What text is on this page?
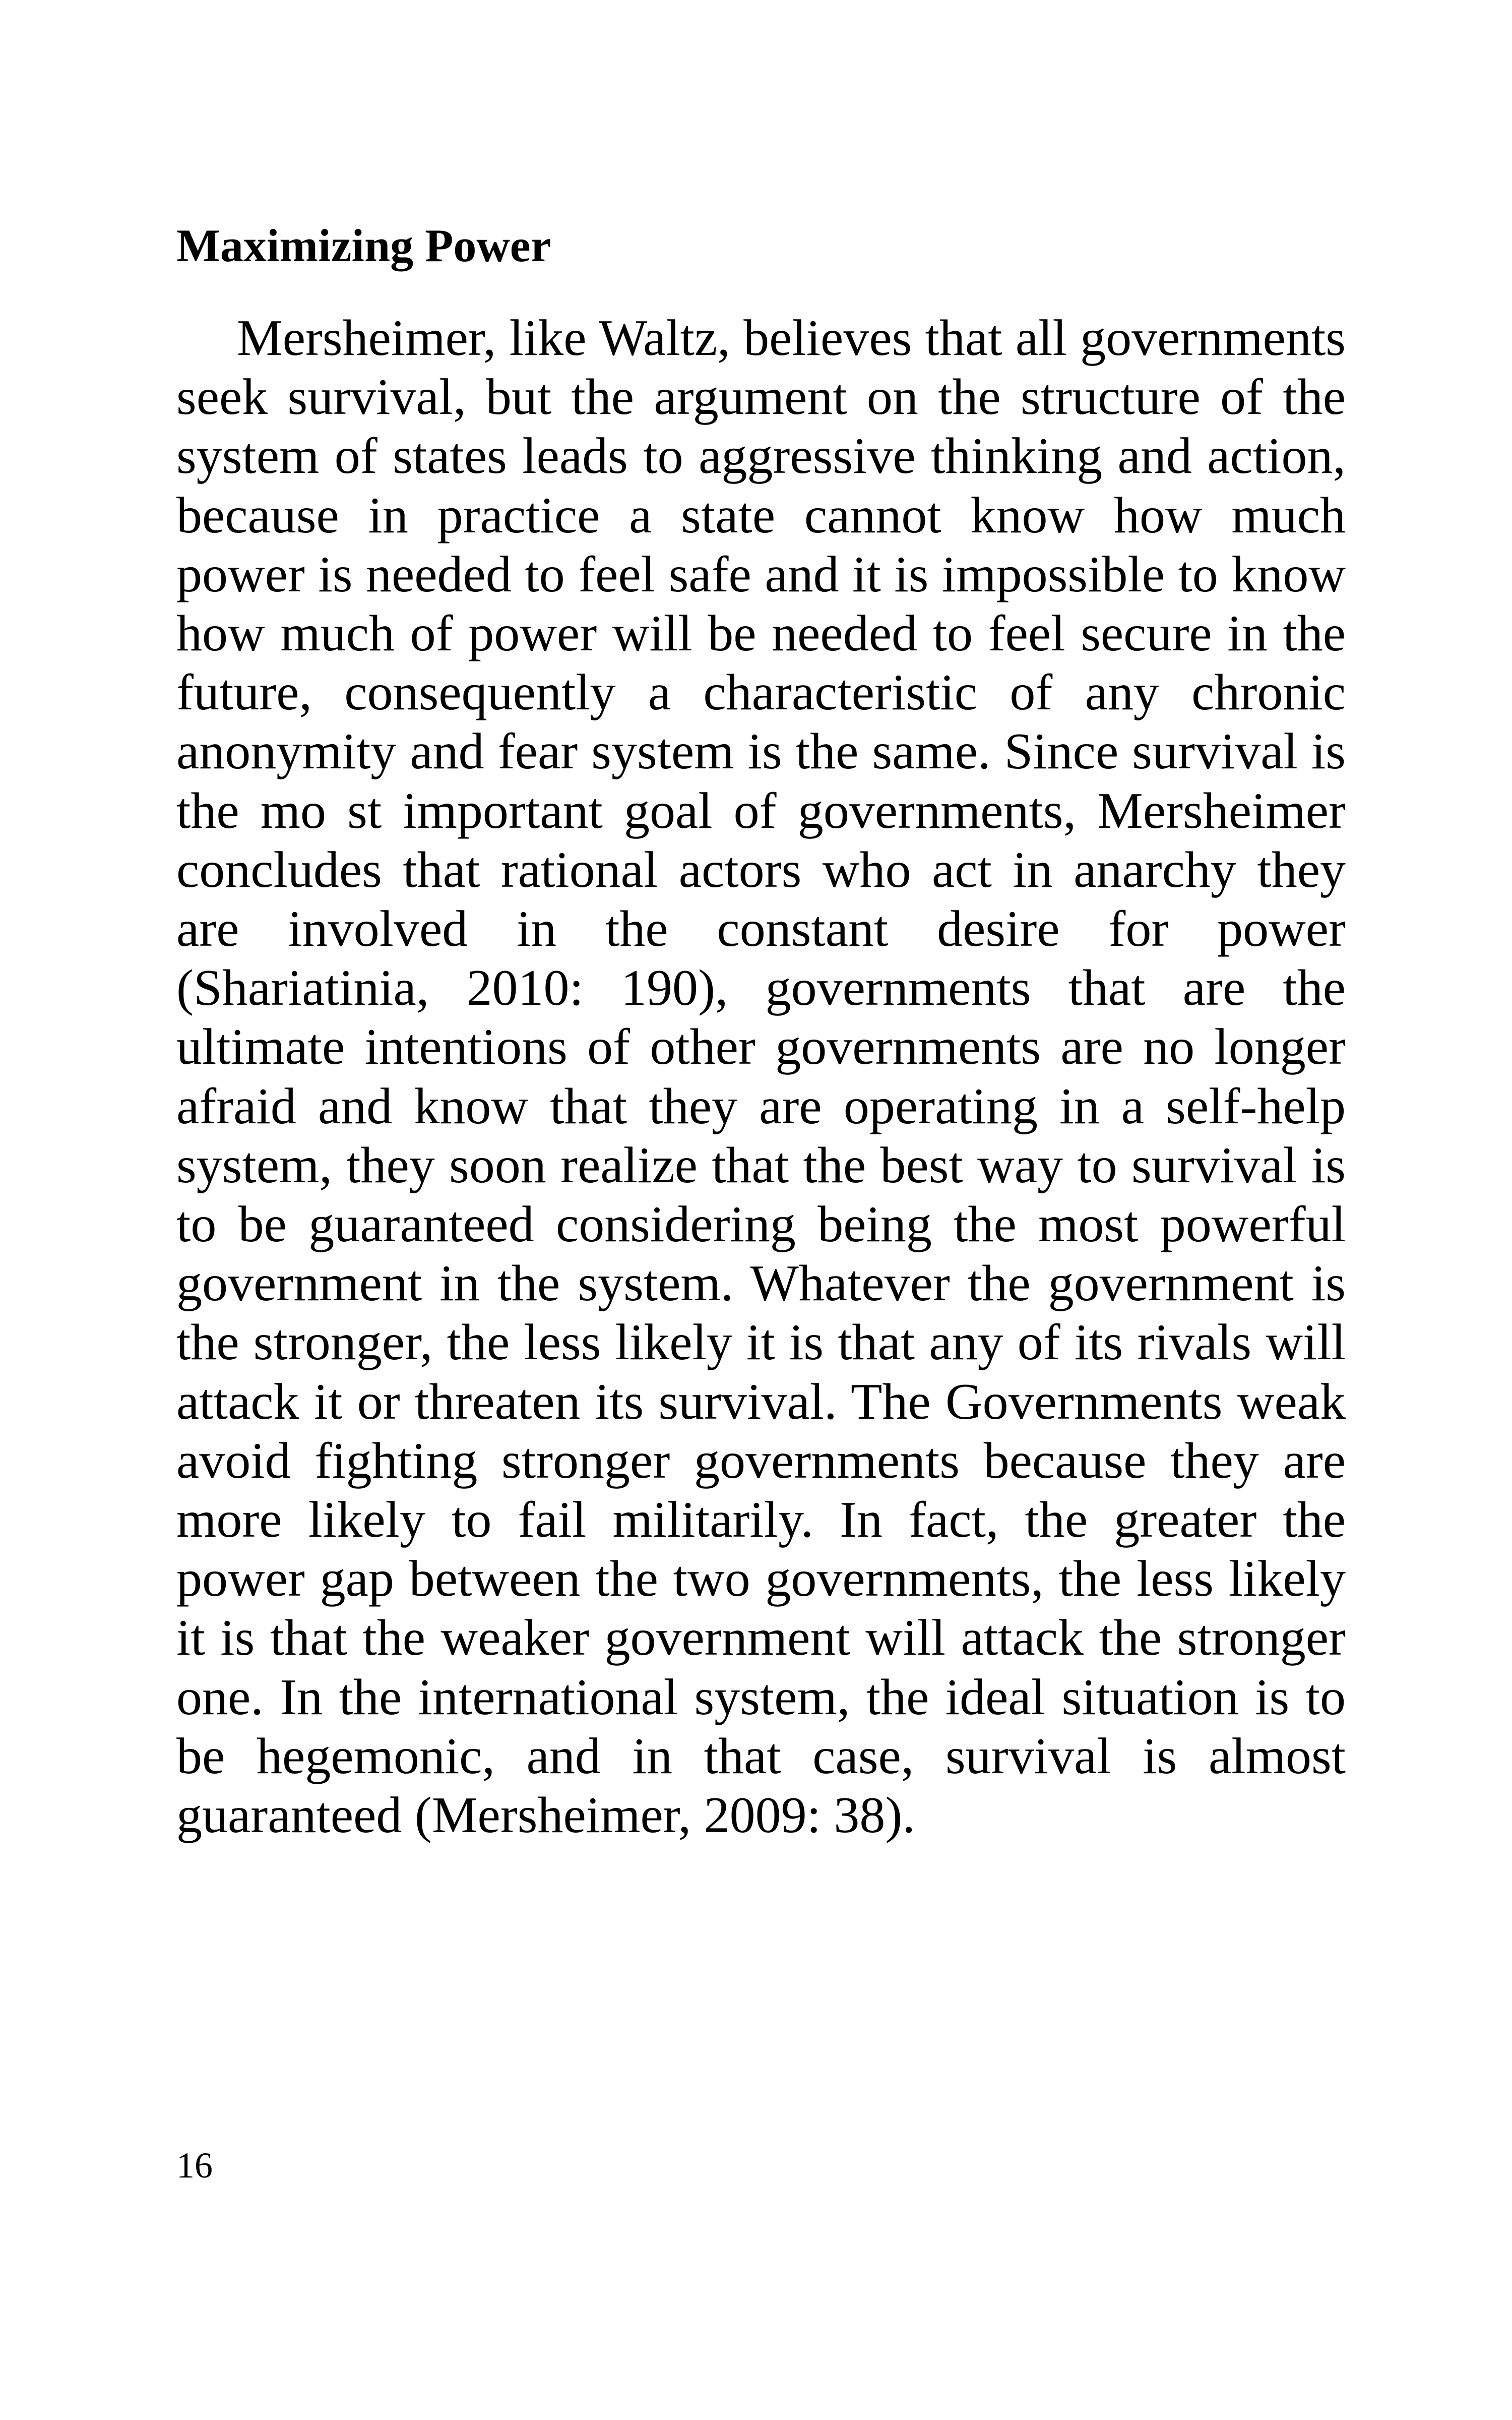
Maximizing Power

Mersheimer, like Waltz, believes that all governments seek survival, but the argument on the structure of the system of states leads to aggressive thinking and action, because in practice a state cannot know how much power is needed to feel safe and it is impossible to know how much of power will be needed to feel secure in the future, consequently a characteristic of any chronic anonymity and fear system is the same. Since survival is the mo st important goal of governments, Mersheimer concludes that rational actors who act in anarchy they are involved in the constant desire for power (Shariatinia, 2010: 190), governments that are the ultimate intentions of other governments are no longer afraid and know that they are operating in a self-help system, they soon realize that the best way to survival is to be guaranteed considering being the most powerful government in the system. Whatever the government is the stronger, the less likely it is that any of its rivals will attack it or threaten its survival. The Governments weak avoid fighting stronger governments because they are more likely to fail militarily. In fact, the greater the power gap between the two governments, the less likely it is that the weaker government will attack the stronger one. In the international system, the ideal situation is to be hegemonic, and in that case, survival is almost guaranteed (Mersheimer, 2009: 38).

16
